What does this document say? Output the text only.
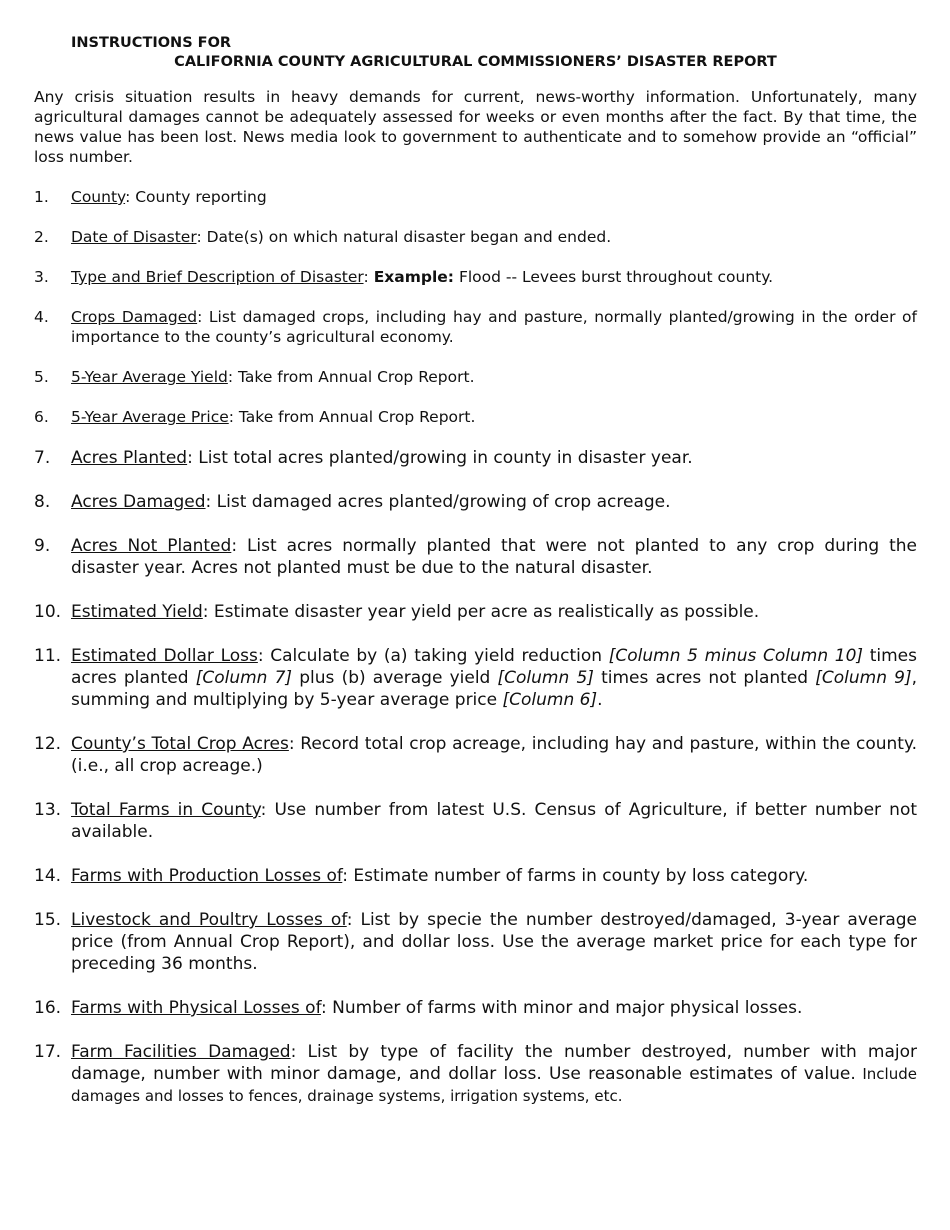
INSTRUCTIONS FOR
CALIFORNIA COUNTY AGRICULTURAL COMMISSIONERS’ DISASTER REPORT

Any crisis situation results in heavy demands for current, news-worthy information. Unfortunately, many agricultural damages cannot be adequately assessed for weeks or even months after the fact. By that time, the news value has been lost. News media look to government to authenticate and to somehow provide an “official” loss number.

1.	County: County reporting
2.	Date of Disaster: Date(s) on which natural disaster began and ended.
3.	Type and Brief Description of Disaster: Example: Flood -- Levees burst throughout county.
4.	Crops Damaged: List damaged crops, including hay and pasture, normally planted/growing in the order of importance to the county’s agricultural economy.
5.	5-Year Average Yield: Take from Annual Crop Report.
6.	5-Year Average Price: Take from Annual Crop Report.
7.	Acres Planted: List total acres planted/growing in county in disaster year.
8.	Acres Damaged: List damaged acres planted/growing of crop acreage.
9.	Acres Not Planted: List acres normally planted that were not planted to any crop during the disaster year. Acres not planted must be due to the natural disaster.
10. Estimated Yield: Estimate disaster year yield per acre as realistically as possible.
11. Estimated Dollar Loss: Calculate by (a) taking yield reduction [Column 5 minus Column 10] times acres planted [Column 7] plus (b) average yield [Column 5] times acres not planted [Column 9], summing and multiplying by 5-year average price [Column 6].
12. County’s Total Crop Acres: Record total crop acreage, including hay and pasture, within the county. (i.e., all crop acreage.)
13. Total Farms in County: Use number from latest U.S. Census of Agriculture, if better number not available.
14. Farms with Production Losses of: Estimate number of farms in county by loss category.
15. Livestock and Poultry Losses of: List by specie the number destroyed/damaged, 3-year average price (from Annual Crop Report), and dollar loss. Use the average market price for each type for preceding 36 months.
16. Farms with Physical Losses of: Number of farms with minor and major physical losses.
17. Farm Facilities Damaged: List by type of facility the number destroyed, number with major damage, number with minor damage, and dollar loss. Use reasonable estimates of value. Include damages and losses to fences, drainage systems, irrigation systems, etc.
